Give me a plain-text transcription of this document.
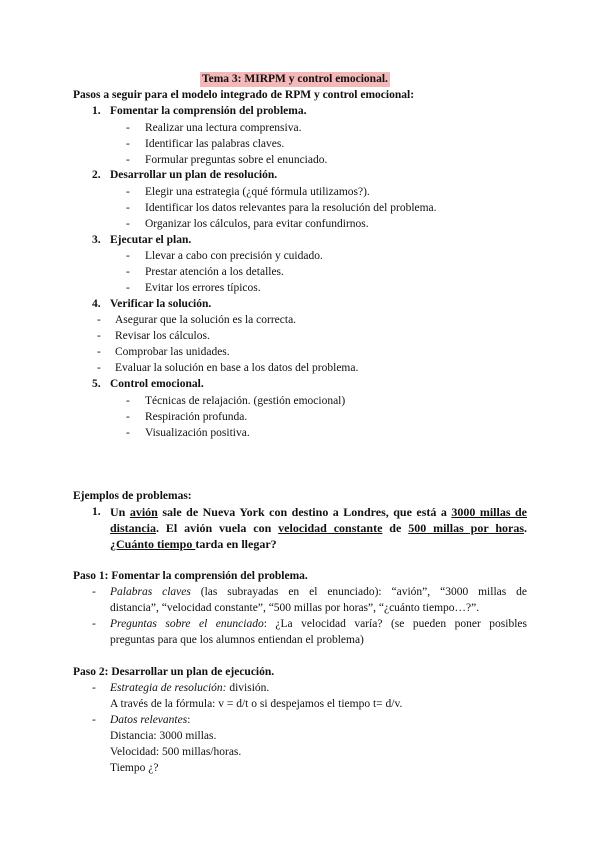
Tema 3: MIRPM y control emocional.
Pasos a seguir para el modelo integrado de RPM y control emocional:
1. Fomentar la comprensión del problema.
- Realizar una lectura comprensiva.
- Identificar las palabras claves.
- Formular preguntas sobre el enunciado.
2. Desarrollar un plan de resolución.
- Elegir una estrategia (¿qué fórmula utilizamos?).
- Identificar los datos relevantes para la resolución del problema.
- Organizar los cálculos, para evitar confundirnos.
3. Ejecutar el plan.
- Llevar a cabo con precisión y cuidado.
- Prestar atención a los detalles.
- Evitar los errores típicos.
4. Verificar la solución.
- Asegurar que la solución es la correcta.
- Revisar los cálculos.
- Comprobar las unidades.
- Evaluar la solución en base a los datos del problema.
5. Control emocional.
- Técnicas de relajación. (gestión emocional)
- Respiración profunda.
- Visualización positiva.
Ejemplos de problemas:
1. Un avión sale de Nueva York con destino a Londres, que está a 3000 millas de
distancia. El avión vuela con velocidad constante de 500 millas por horas.
¿Cuánto tiempo tarda en llegar?
Paso 1: Fomentar la comprensión del problema.
- Palabras claves (las subrayadas en el enunciado): “avión”, “3000 millas de
distancia”, “velocidad constante”, “500 millas por horas”, “¿cuánto tiempo…?”.
- Preguntas sobre el enunciado: ¿La velocidad varía? (se pueden poner posibles
preguntas para que los alumnos entiendan el problema)
Paso 2: Desarrollar un plan de ejecución.
- Estrategia de resolución: división.
A través de la fórmula: v = d/t o si despejamos el tiempo t= d/v.
- Datos relevantes:
Distancia: 3000 millas.
Velocidad: 500 millas/horas.
Tiempo ¿?
